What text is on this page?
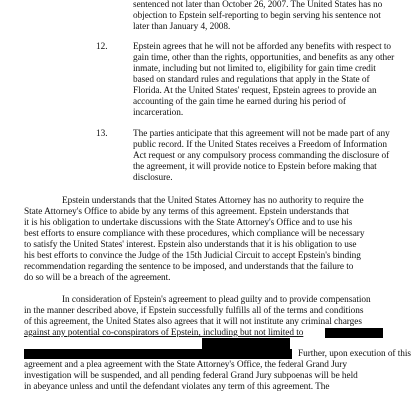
sentenced not later than October 26, 2007. The United States has no
objection to Epstein self-reporting to begin serving his sentence not
later than January 4, 2008.
12.	Epstein agrees that he will not be afforded any benefits with respect to
gain time, other than the rights, opportunities, and benefits as any other
inmate, including but not limited to, eligibility for gain time credit
based on standard rules and regulations that apply in the State of
Florida. At the United States' request, Epstein agrees to provide an
accounting of the gain time he earned during his period of
incarceration.
13.	The parties anticipate that this agreement will not be made part of any
public record. If the United States receives a Freedom of Information
Act request or any compulsory process commanding the disclosure of
the agreement, it will provide notice to Epstein before making that
disclosure.
Epstein understands that the United States Attorney has no authority to require the
State Attorney's Office to abide by any terms of this agreement. Epstein understands that
it is his obligation to undertake discussions with the State Attorney's Office and to use his
best efforts to ensure compliance with these procedures, which compliance will be necessary
to satisfy the United States' interest. Epstein also understands that it is his obligation to use
his best efforts to convince the Judge of the 15th Judicial Circuit to accept Epstein's binding
recommendation regarding the sentence to be imposed, and understands that the failure to
do so will be a breach of the agreement.
In consideration of Epstein's agreement to plead guilty and to provide compensation
in the manner described above, if Epstein successfully fulfills all of the terms and conditions
of this agreement, the United States also agrees that it will not institute any criminal charges
against any potential co-conspirators of Epstein, including but not limited to
Further, upon execution of this
agreement and a plea agreement with the State Attorney's Office, the federal Grand Jury
investigation will be suspended, and all pending federal Grand Jury subpoenas will be held
in abeyance unless and until the defendant violates any term of this agreement. The
